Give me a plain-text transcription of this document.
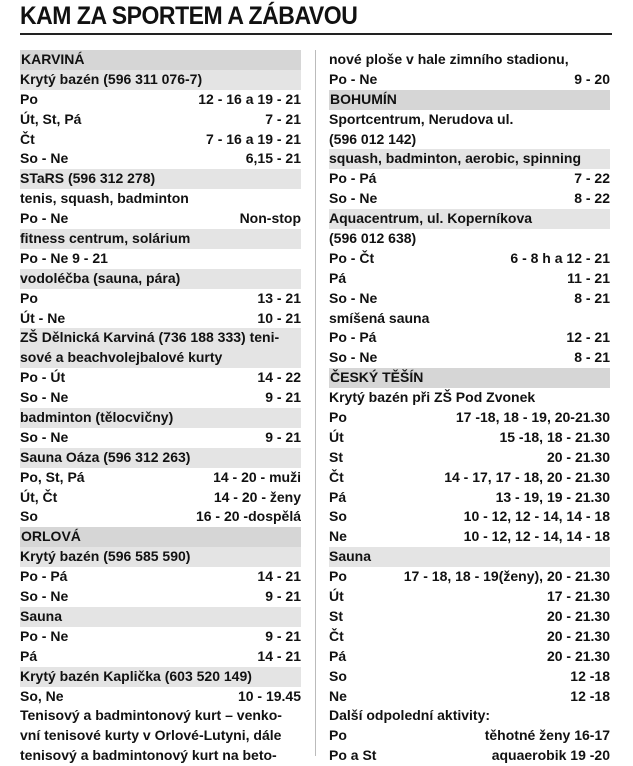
KAM ZA SPORTEM A ZÁBAVOU
KARVINÁ
Krytý bazén (596 311 076-7)
Po	12 - 16 a 19 - 21
Út, St, Pá	7 - 21
Čt	7 - 16 a 19 - 21
So - Ne	6,15 - 21
STaRS (596 312 278)
tenis, squash, badminton
Po - Ne	Non-stop
fitness centrum, solárium
Po - Ne 9 - 21
vodoléčba (sauna, pára)
Po	13 - 21
Út - Ne	10 - 21
ZŠ Dělnická Karviná (736 188 333) teni-
sové a beachvolejbalové kurty
Po - Út	14 - 22
So - Ne	9 - 21
badminton (tělocvičny)
So - Ne	9 - 21
Sauna Oáza (596 312 263)
Po, St, Pá	14 - 20 - muži
Út, Čt	14 - 20 - ženy
So	16 - 20 -dospělá
ORLOVÁ
Krytý bazén (596 585 590)
Po - Pá	14 - 21
So - Ne	9 - 21
Sauna
Po - Ne	9 - 21
Pá	14 - 21
Krytý bazén Kaplička (603 520 149)
So, Ne	10 - 19.45
Tenisový a badmintonový kurt – venko-
vní tenisové kurty v Orlové-Lutyni, dále
tenisový a badmintonový kurt na beto-
nové ploše v hale zimního stadionu,
Po - Ne	9 - 20
BOHUMÍN
Sportcentrum, Nerudova ul.
(596 012 142)
squash, badminton, aerobic, spinning
Po - Pá	7 - 22
So - Ne	8 - 22
Aquacentrum, ul. Koperníkova
(596 012 638)
Po - Čt	6 - 8 h a 12 - 21
Pá	11 - 21
So - Ne	8 - 21
smíšená sauna
Po - Pá	12 - 21
So - Ne	8 - 21
ČESKÝ TĚŠÍN
Krytý bazén při ZŠ Pod Zvonek
Po	17 -18, 18 - 19, 20-21.30
Út	15 -18, 18 - 21.30
St	20 - 21.30
Čt	14 - 17, 17 - 18, 20 - 21.30
Pá	13 - 19, 19 - 21.30
So	10 - 12, 12 - 14, 14 - 18
Ne	10 - 12, 12 - 14, 14 - 18
Sauna
Po	17 - 18, 18 - 19(ženy), 20 - 21.30
Út	17 - 21.30
St	20 - 21.30
Čt	20 - 21.30
Pá	20 - 21.30
So	12 -18
Ne	12 -18
Další odpolední aktivity:
Po	těhotné ženy 16-17
Po a St	aquaerobik 19 -20
